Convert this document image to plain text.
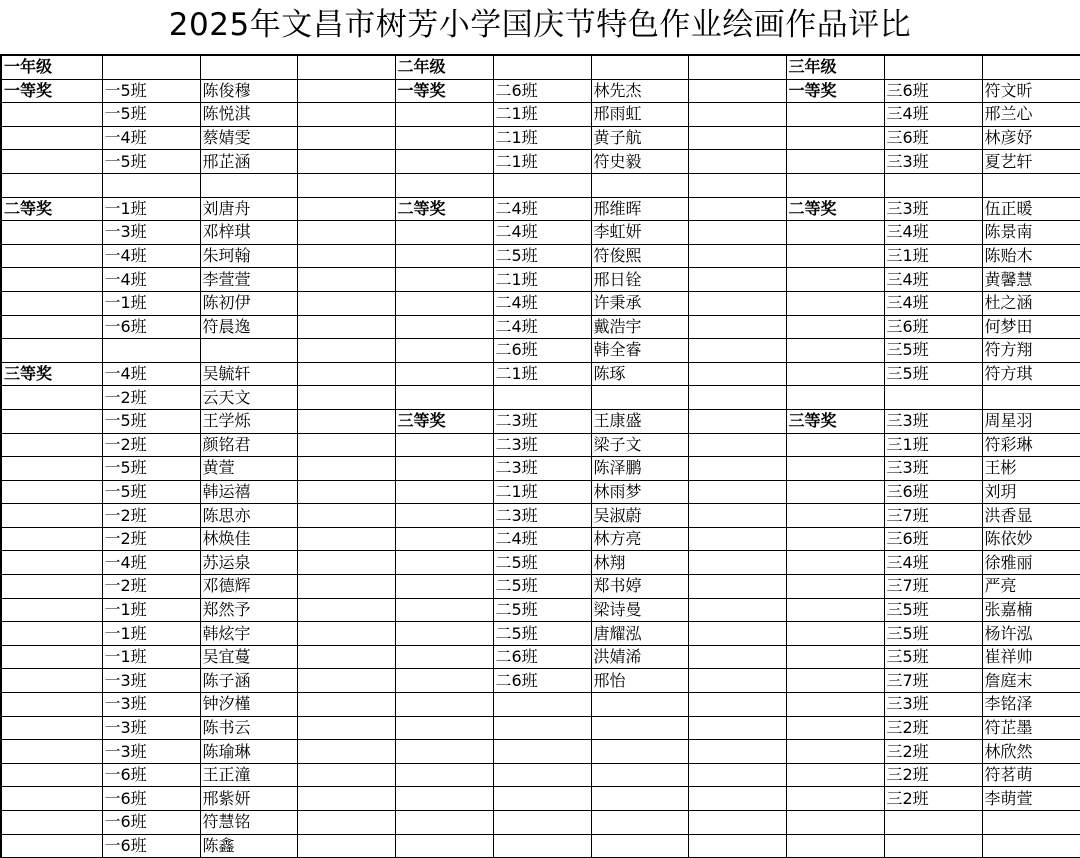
2025年文昌市树芳小学国庆节特色作业绘画作品评比
一年级				二年级				三年级			
一等奖	一5班	陈俊穆		一等奖	二6班	林先杰		一等奖	三6班	符文昕	
	一5班	陈悦淇			二1班	邢雨虹			三4班	邢兰心	
	一4班	蔡婧雯			二1班	黄子航			三6班	林彦妤	
	一5班	邢芷涵			二1班	符史毅			三3班	夏艺轩	

二等奖	一1班	刘唐舟		二等奖	二4班	邢维晖		二等奖	三3班	伍正暖	
	一3班	邓梓琪			二4班	李虹妍			三4班	陈景南	
	一4班	朱珂翰			二5班	符俊熙			三1班	陈贻木	
	一4班	李萱萱			二1班	邢日铨			三4班	黄馨慧	
	一1班	陈初伊			二4班	许秉承			三4班	杜之涵	
	一6班	符晨逸			二4班	戴浩宇			三6班	何梦田	
					二6班	韩全睿			三5班	符方翔	
三等奖	一4班	吴毓轩			二1班	陈琢			三5班	符方琪	
	一2班	云天文									
	一5班	王学烁		三等奖	二3班	王康盛		三等奖	三3班	周星羽	
	一2班	颜铭君			二3班	梁子文			三1班	符彩琳	
	一5班	黄萱			二3班	陈泽鹏			三3班	王彬	
	一5班	韩运禧			二1班	林雨梦			三6班	刘玥	
	一2班	陈思亦			二3班	吴淑蔚			三7班	洪香显	
	一2班	林焕佳			二4班	林方亮			三6班	陈依妙	
	一4班	苏运泉			二5班	林翔			三4班	徐雅丽	
	一2班	邓德辉			二5班	郑书婷			三7班	严亮	
	一1班	郑然予			二5班	梁诗曼			三5班	张嘉楠	
	一1班	韩炫宇			二5班	唐耀泓			三5班	杨许泓	
	一1班	吴宜蔓			二6班	洪婧浠			三5班	崔祥帅	
	一3班	陈子涵			二6班	邢怡			三7班	詹庭末	
	一3班	钟汐槿							三3班	李铭泽	
	一3班	陈书云							三2班	符芷墨	
	一3班	陈瑜琳							三2班	林欣然	
	一6班	王正潼							三2班	符茗萌	
	一6班	邢紫妍							三2班	李萌萱	
	一6班	符慧铭									
	一6班	陈鑫									
